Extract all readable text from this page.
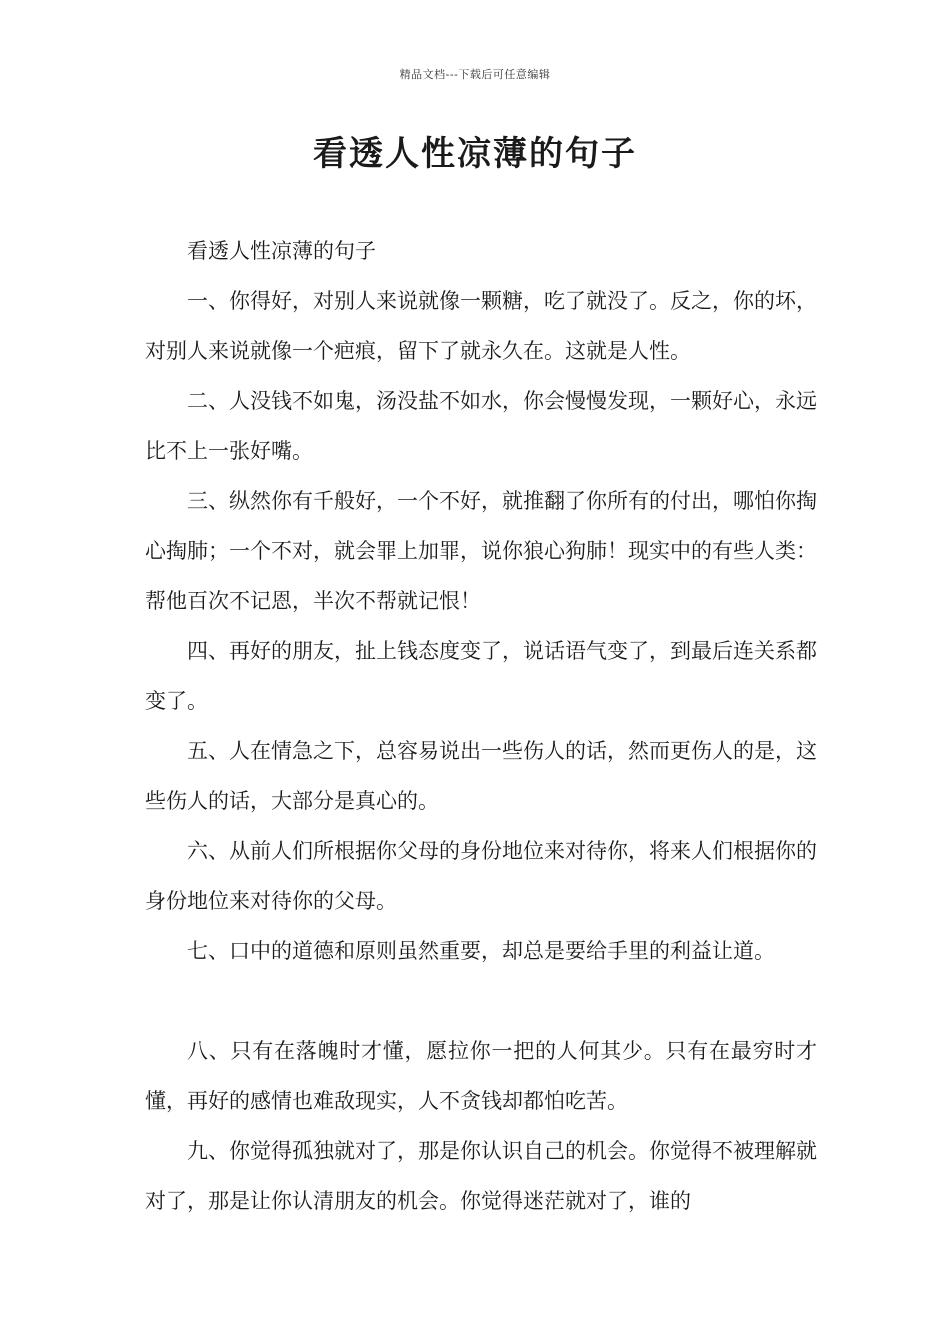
精品文档---下载后可任意编辑
看透人性凉薄的句子

看透人性凉薄的句子

一、你得好，对别人来说就像一颗糖，吃了就没了。反之，你的坏，对别人来说就像一个疤痕，留下了就永久在。这就是人性。

二、人没钱不如鬼，汤没盐不如水，你会慢慢发现，一颗好心，永远比不上一张好嘴。

三、纵然你有千般好，一个不好，就推翻了你所有的付出，哪怕你掏心掏肺；一个不对，就会罪上加罪，说你狼心狗肺！现实中的有些人类：帮他百次不记恩，半次不帮就记恨！

四、再好的朋友，扯上钱态度变了，说话语气变了，到最后连关系都变了。

五、人在情急之下，总容易说出一些伤人的话，然而更伤人的是，这些伤人的话，大部分是真心的。

六、从前人们所根据你父母的身份地位来对待你，将来人们根据你的身份地位来对待你的父母。

七、口中的道德和原则虽然重要，却总是要给手里的利益让道。

八、只有在落魄时才懂，愿拉你一把的人何其少。只有在最穷时才懂，再好的感情也难敌现实，人不贪钱却都怕吃苦。

九、你觉得孤独就对了，那是你认识自己的机会。你觉得不被理解就对了，那是让你认清朋友的机会。你觉得迷茫就对了，谁的
